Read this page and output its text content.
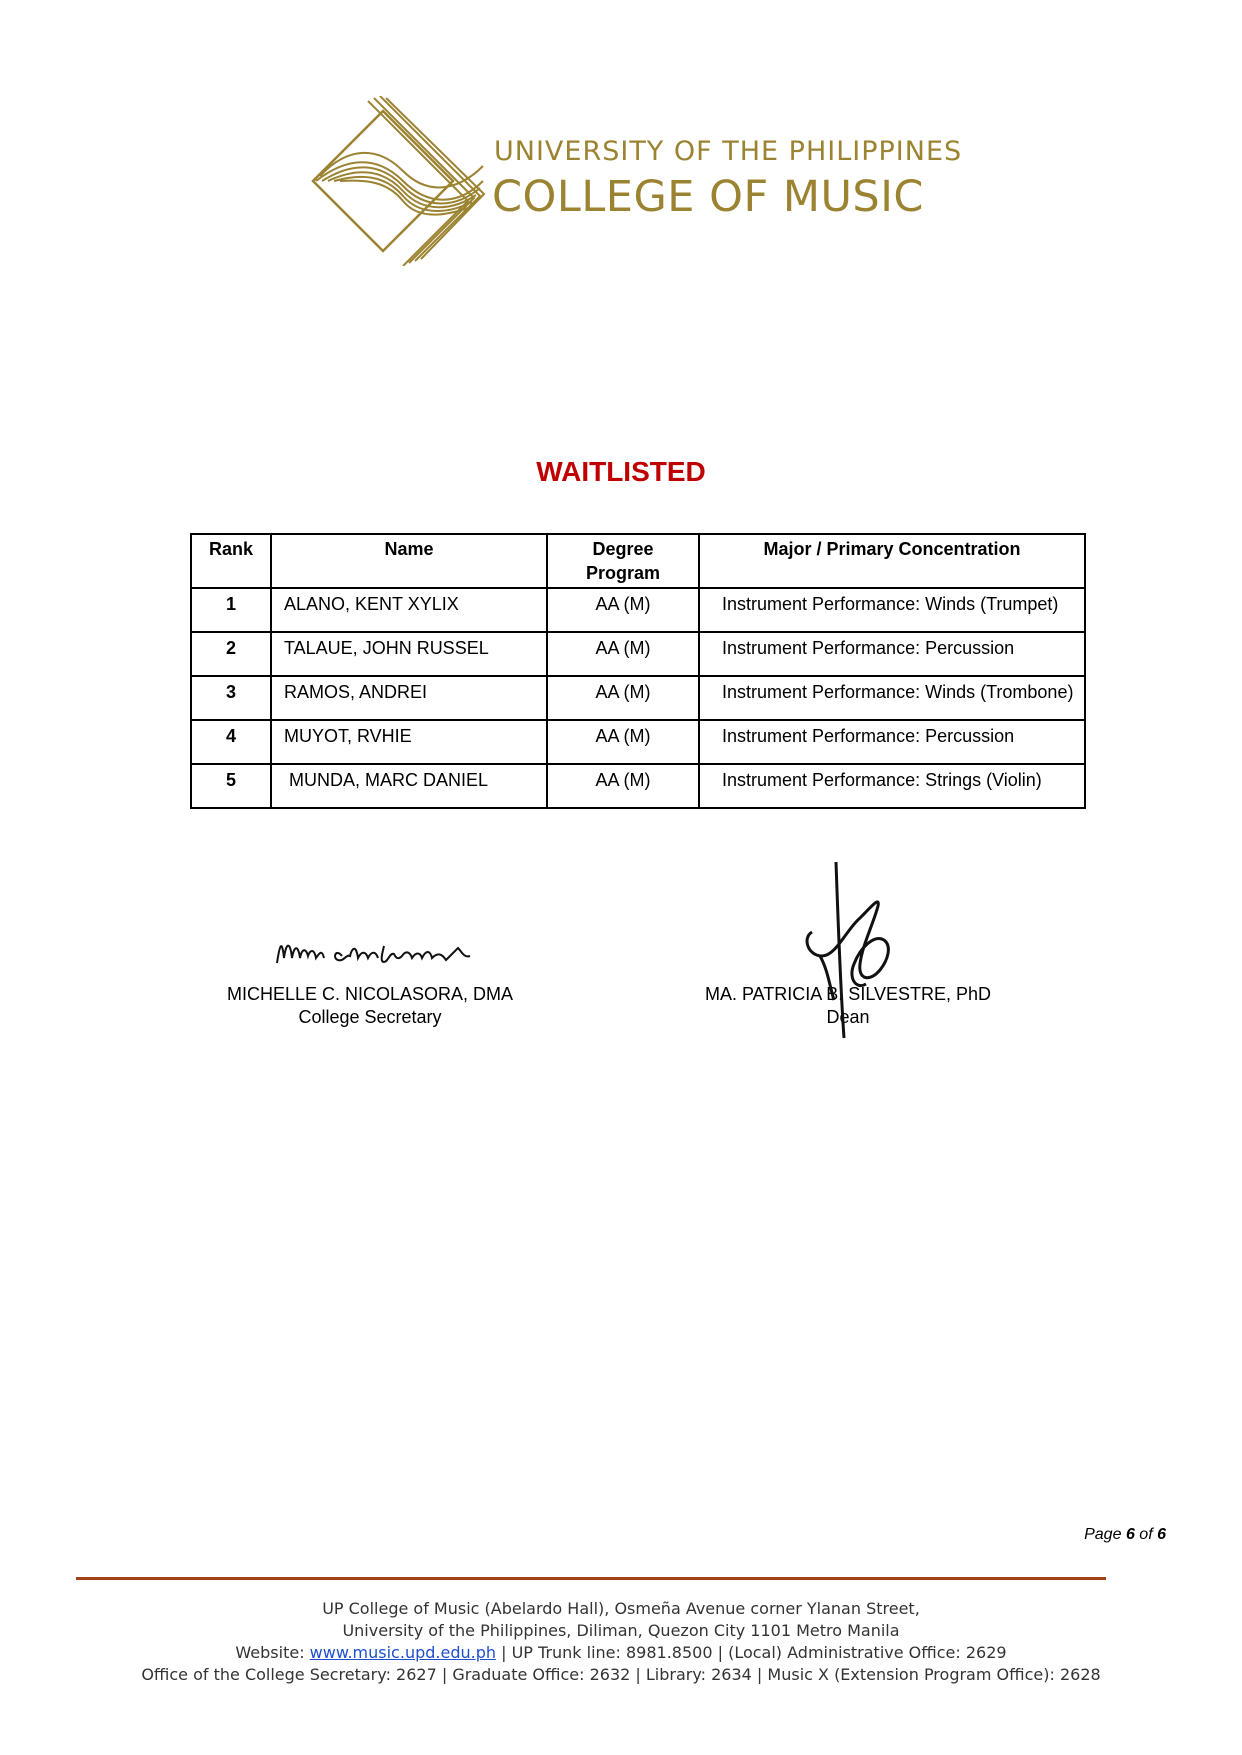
UNIVERSITY OF THE PHILIPPINES
COLLEGE OF MUSIC
WAITLISTED
Rank	Name	Degree Program	Major / Primary Concentration
1	ALANO, KENT XYLIX	AA (M)	Instrument Performance: Winds (Trumpet)
2	TALAUE, JOHN RUSSEL	AA (M)	Instrument Performance: Percussion
3	RAMOS, ANDREI	AA (M)	Instrument Performance: Winds (Trombone)
4	MUYOT, RVHIE	AA (M)	Instrument Performance: Percussion
5	MUNDA, MARC DANIEL	AA (M)	Instrument Performance: Strings (Violin)
MICHELLE C. NICOLASORA, DMA
College Secretary
MA. PATRICIA B. SILVESTRE, PhD
Dean
Page 6 of 6
UP College of Music (Abelardo Hall), Osmeña Avenue corner Ylanan Street,
University of the Philippines, Diliman, Quezon City 1101 Metro Manila
Website: www.music.upd.edu.ph | UP Trunk line: 8981.8500 | (Local) Administrative Office: 2629
Office of the College Secretary: 2627 | Graduate Office: 2632 | Library: 2634 | Music X (Extension Program Office): 2628
